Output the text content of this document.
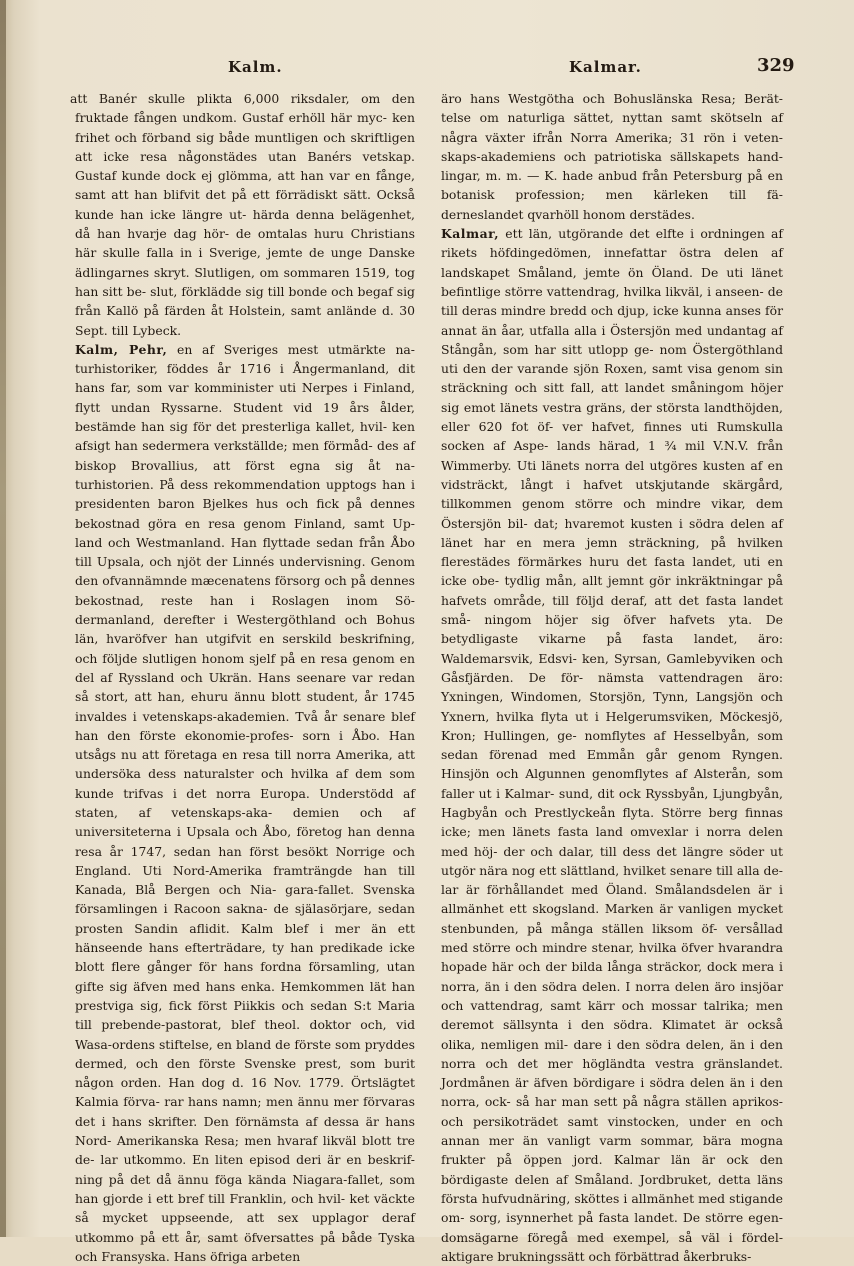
Kalm.	Kalmar.	329

att Banér skulle plikta 6,000 riksdaler, om den fruktade fången undkom. Gustaf erhöll här myc- ken frihet och förband sig både muntligen och skriftligen att icke resa någonstädes utan Banérs vetskap. Gustaf kunde dock ej glömma, att han var en fånge, samt att han blifvit det på ett förrädiskt sätt. Också kunde han icke längre ut- härda denna belägenhet, då han hvarje dag hör- de omtalas huru Christians här skulle falla in i Sverige, jemte de unge Danske ädlingarnes skryt. Slutligen, om sommaren 1519, tog han sitt be- slut, förklädde sig till bonde och begaf sig från Kallö på färden åt Holstein, samt anlände d. 30 Sept. till Lybeck.

Kalm, Pehr, en af Sveriges mest utmärkte na- turhistoriker, föddes år 1716 i Ångermanland, dit hans far, som var komminister uti Nerpes i Finland, flytt undan Ryssarne. Student vid 19 års ålder, bestämde han sig för det presterliga kallet, hvil- ken afsigt han sedermera verkställde; men förmåd- des af biskop Brovallius, att först egna sig åt na- turhistorien. På dess rekommendation upptogs han i presidenten baron Bjelkes hus och fick på dennes bekostnad göra en resa genom Finland, samt Up- land och Westmanland. Han flyttade sedan från Åbo till Upsala, och njöt der Linnés undervisning. Genom den ofvannämnde mæcenatens försorg och på dennes bekostnad, reste han i Roslagen inom Sö- dermanland, derefter i Westergöthland och Bohus län, hvaröfver han utgifvit en serskild beskrifning, och följde slutligen honom sjelf på en resa genom en del af Ryssland och Ukrän. Hans seenare var redan så stort, att han, ehuru ännu blott student, år 1745 invaldes i vetenskaps-akademien. Två år senare blef han den förste ekonomie-profes- sorn i Åbo. Han utsågs nu att företaga en resa till norra Amerika, att undersöka dess naturalster och hvilka af dem som kunde trifvas i det norra Europa. Understödd af staten, af vetenskaps-aka- demien och af universiteterna i Upsala och Åbo, företog han denna resa år 1747, sedan han först besökt Norrige och England. Uti Nord-Amerika framträngde han till Kanada, Blå Bergen och Nia- gara-fallet. Svenska församlingen i Racoon sakna- de själasörjare, sedan prosten Sandin aflidit. Kalm blef i mer än ett hänseende hans efterträdare, ty han predikade icke blott flere gånger för hans fordna församling, utan gifte sig äfven med hans enka. Hemkommen lät han prestviga sig, fick först Piikkis och sedan S:t Maria till prebende-pastorat, blef theol. doktor och, vid Wasa-ordens stiftelse, en bland de förste som pryddes dermed, och den förste Svenske prest, som burit någon orden. Han dog d. 16 Nov. 1779. Örtslägtet Kalmia förva- rar hans namn; men ännu mer förvaras det i hans skrifter. Den förnämsta af dessa är hans Nord- Amerikanska Resa; men hvaraf likväl blott tre de- lar utkommo. En liten episod deri är en beskrif- ning på det då ännu föga kända Niagara-fallet, som han gjorde i ett bref till Franklin, och hvil- ket väckte så mycket uppseende, att sex upplagor deraf utkommo på ett år, samt öfversattes på både Tyska och Fransyska. Hans öfriga arbeten

äro hans Westgötha och Bohuslänska Resa; Berät- telse om naturliga sättet, nyttan samt skötseln af några växter ifrån Norra Amerika; 31 rön i veten- skaps-akademiens och patriotiska sällskapets hand- lingar, m. m. — K. hade anbud från Petersburg på en botanisk profession; men kärleken till fä- derneslandet qvarhöll honom derstädes.

Kalmar, ett län, utgörande det elfte i ordningen af rikets höfdingedömen, innefattar östra delen af landskapet Småland, jemte ön Öland. De uti länet befintlige större vattendrag, hvilka likväl, i anseen- de till deras mindre bredd och djup, icke kunna anses för annat än åar, utfalla alla i Östersjön med undantag af Stångån, som har sitt utlopp ge- nom Östergöthland uti den der varande sjön Roxen, samt visa genom sin sträckning och sitt fall, att landet småningom höjer sig emot länets vestra gräns, der största landthöjden, eller 620 fot öf- ver hafvet, finnes uti Rumskulla socken af Aspe- lands härad, 1 ¾ mil V.N.V. från Wimmerby. Uti länets norra del utgöres kusten af en vidsträckt, långt i hafvet utskjutande skärgård, tillkommen genom större och mindre vikar, dem Östersjön bil- dat; hvaremot kusten i södra delen af länet har en mera jemn sträckning, på hvilken flerestädes förmärkes huru det fasta landet, uti en icke obe- tydlig mån, allt jemnt gör inkräktningar på hafvets område, till följd deraf, att det fasta landet små- ningom höjer sig öfver hafvets yta. De betydligaste vikarne på fasta landet, äro: Waldemarsvik, Edsvi- ken, Syrsan, Gamlebyviken och Gåsfjärden. De för- nämsta vattendragen äro: Yxningen, Windomen, Storsjön, Tynn, Langsjön och Yxnern, hvilka flyta ut i Helgerumsviken, Möckesjö, Kron; Hullingen, ge- nomflytes af Hesselbyån, som sedan förenad med Emmån går genom Ryngen. Hinsjön och Algunnen genomflytes af Alsterån, som faller ut i Kalmar- sund, dit ock Ryssbyån, Ljungbyån, Hagbyån och Prestlyckeån flyta. Större berg finnas icke; men länets fasta land omvexlar i norra delen med höj- der och dalar, till dess det längre söder ut utgör nära nog ett slättland, hvilket senare till alla de- lar är förhållandet med Öland. Smålandsdelen är i allmänhet ett skogsland. Marken är vanligen mycket stenbunden, på många ställen liksom öf- versållad med större och mindre stenar, hvilka öfver hvarandra hopade här och der bilda långa sträckor, dock mera i norra, än i den södra delen. I norra delen äro insjöar och vattendrag, samt kärr och mossar talrika; men deremot sällsynta i den södra. Klimatet är också olika, nemligen mil- dare i den södra delen, än i den norra och det mer högländta vestra gränslandet. Jordmånen är äfven bördigare i södra delen än i den norra, ock- så har man sett på några ställen aprikos- och persikoträdet samt vinstocken, under en och annan mer än vanligt varm sommar, bära mogna frukter på öppen jord. Kalmar län är ock den bördigaste delen af Småland. Jordbruket, detta läns första hufvudnäring, sköttes i allmänhet med stigande om- sorg, isynnerhet på fasta landet. De större egen- domsägarne föregå med exempel, så väl i fördel- aktigare brukningssätt och förbättrad åkerbruks-
